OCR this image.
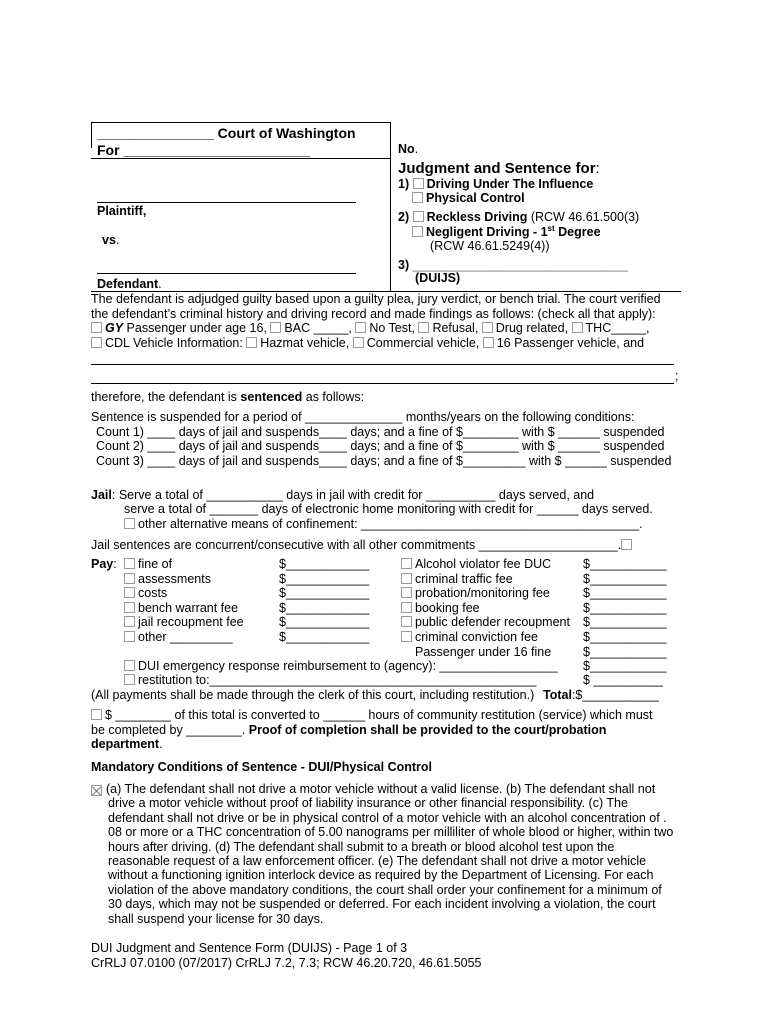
_______________ Court of Washington
For ________________________
Plaintiff,
vs.
Defendant.
No.
Judgment and Sentence for:
1) Driving Under The Influence
Physical Control
2) Reckless Driving (RCW 46.61.500(3)
Negligent Driving - 1st Degree
(RCW 46.61.5249(4))
3) _______________________________
(DUIJS)
The defendant is adjudged guilty based upon a guilty plea, jury verdict, or bench trial. The court verified
the defendant’s criminal history and driving record and made findings as follows: (check all that apply):
GY Passenger under age 16, BAC _____, No Test, Refusal, Drug related, THC_____,
CDL Vehicle Information: Hazmat vehicle, Commercial vehicle, 16 Passenger vehicle, and
;
therefore, the defendant is sentenced as follows:
Sentence is suspended for a period of ______________ months/years on the following conditions:
Count 1) ____ days of jail and suspends____ days; and a fine of $________ with $ ______ suspended
Count 2) ____ days of jail and suspends____ days; and a fine of $________ with $ ______ suspended
Count 3) ____ days of jail and suspends____ days; and a fine of $_________ with $ ______ suspended
Jail: Serve a total of ___________ days in jail with credit for __________ days served, and
serve a total of _______ days of electronic home monitoring with credit for ______ days served.
other alternative means of confinement: ________________________________________.
Jail sentences are concurrent/consecutive with all other commitments ____________________.
Pay:	fine of	$____________
assessments	$____________
costs	$____________
bench warrant fee	$____________
jail recoupment fee	$____________
other _________	$____________
Alcohol violator fee DUC	$___________
criminal traffic fee	$___________
probation/monitoring fee	$___________
booking fee	$___________
public defender recoupment $___________
criminal conviction fee	$___________
Passenger under 16 fine	$___________
DUI emergency response reimbursement to (agency): _________________ $___________
restitution to:_______________________________________________	$ __________
(All payments shall be made through the clerk of this court, including restitution.) Total:$___________
$ ________ of this total is converted to ______ hours of community restitution (service) which must
be completed by ________. Proof of completion shall be provided to the court/probation
department.
Mandatory Conditions of Sentence - DUI/Physical Control
(a) The defendant shall not drive a motor vehicle without a valid license. (b) The defendant shall not
drive a motor vehicle without proof of liability insurance or other financial responsibility. (c) The
defendant shall not drive or be in physical control of a motor vehicle with an alcohol concentration of .
08 or more or a THC concentration of 5.00 nanograms per milliliter of whole blood or higher, within two
hours after driving. (d) The defendant shall submit to a breath or blood alcohol test upon the
reasonable request of a law enforcement officer. (e) The defendant shall not drive a motor vehicle
without a functioning ignition interlock device as required by the Department of Licensing. For each
violation of the above mandatory conditions, the court shall order your confinement for a minimum of
30 days, which may not be suspended or deferred. For each incident involving a violation, the court
shall suspend your license for 30 days.
DUI Judgment and Sentence Form (DUIJS) - Page 1 of 3
CrRLJ 07.0100 (07/2017) CrRLJ 7.2, 7.3; RCW 46.20.720, 46.61.5055
